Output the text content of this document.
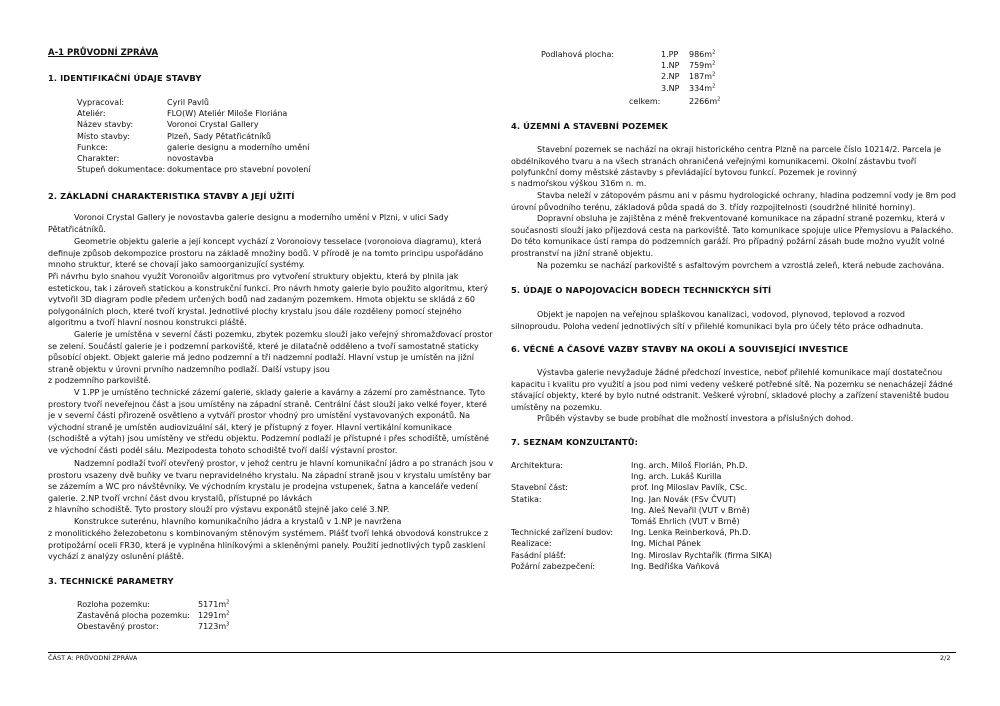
A-1 PRŮVODNÍ ZPRÁVA
1. IDENTIFIKAČNÍ ÚDAJE STAVBY
Vypracoval:	Cyril Pavlů
Ateliér:	FLO(W) Ateliér Miloše Floriána
Název stavby:	Voronoi Crystal Gallery
Místo stavby:	Plzeň, Sady Pětatřicátníků
Funkce:	galerie designu a moderního umění
Charakter:	novostavba
Stupeň dokumentace:	dokumentace pro stavební povolení
2. ZÁKLADNÍ CHARAKTERISTIKA STAVBY A JEJÍ UŽITÍ

Voronoi Crystal Gallery je novostavba galerie designu a moderního umění v Plzni, v ulici Sady Pětatřicátníků.

Geometrie objektu galerie a její koncept vychází z Voronoiovy tesselace (voronoiova diagramu), která definuje způsob dekompozice prostoru na základě množiny bodů. V přírodě je na tomto principu uspořádáno mnoho struktur, které se chovají jako samoorganizující systémy.

Při návrhu bylo snahou využít Voronoiův algoritmus pro vytvoření struktury objektu, která by plnila jak estetickou, tak i zároveň statickou a konstrukční funkci. Pro návrh hmoty galerie bylo použito algoritmu, který vytvořil 3D diagram podle předem určených bodů nad zadaným pozemkem. Hmota objektu se skládá z 60 polygonálních ploch, které tvoří krystal. Jednotlivé plochy krystalu jsou dále rozděleny pomocí stejného algoritmu a tvoří hlavní nosnou konstrukci pláště.

Galerie je umístěna v severní části pozemku, zbytek pozemku slouží jako veřejný shromažďovací prostor se zelení. Součástí galerie je i podzemní parkoviště, které je dilatačně odděleno a tvoří samostatně staticky působící objekt. Objekt galerie má jedno podzemní a tři nadzemní podlaží. Hlavní vstup je umístěn na jižní straně objektu v úrovni prvního nadzemního podlaží. Další vstupy jsou

z podzemního parkoviště.

V 1.PP je umístěno technické zázemí galerie, sklady galerie a kavárny a zázemí pro zaměstnance. Tyto prostory tvoří neveřejnou část a jsou umístěny na západní straně. Centrální část slouží jako velké foyer, které je v severní části přirozeně osvětleno a vytváří prostor vhodný pro umístění vystavovaných exponátů. Na východní straně je umístěn audiovizuální sál, který je přístupný z foyer. Hlavní vertikální komunikace (schodiště a výtah) jsou umístěny ve středu objektu. Podzemní podlaží je přístupné i přes schodiště, umístěné ve východní části podél sálu. Mezipodesta tohoto schodiště tvoří další výstavní prostor.

Nadzemní podlaží tvoří otevřený prostor, v jehož centru je hlavní komunikační jádro a po stranách jsou v prostoru vsazeny dvě buňky ve tvaru nepravidelného krystalu. Na západní straně jsou v krystalu umístěny bar se zázemím a WC pro návštěvníky. Ve východním krystalu je prodejna vstupenek, šatna a kanceláře vedení galerie. 2.NP tvoří vrchní část dvou krystalů, přístupné po lávkách

z hlavního schodiště. Tyto prostory slouží pro výstavu exponátů stejně jako celé 3.NP.

Konstrukce suterénu, hlavního komunikačního jádra a krystalů v 1.NP je navržena

z monolitického železobetonu s kombinovaným stěnovým systémem. Plášť tvoří lehká obvodová konstrukce z protipožární oceli FR30, která je vyplněna hliníkovými a skleněnými panely. Použití jednotlivých typů zasklení vychází z analýzy oslunění pláště.

3. TECHNICKÉ PARAMETRY
Rozloha pozemku:	$5171m^2$
Zastavěná plocha pozemku:	$1291m^2$
Obestavěný prostor:	$7123m^3$
Podlahová plocha:	1.PP	$986m^2$
1.NP	$759m^2$
2.NP	$187m^2$
3.NP	$334m^2$
celkem:	$2266m^2$
4. ÚZEMNÍ A STAVEBNÍ POZEMEK

Stavební pozemek se nachází na okraji historického centra Plzně na parcele číslo 10214/2. Parcela je obdélníkového tvaru a na všech stranách ohraničená veřejnými komunikacemi. Okolní zástavbu tvoří polyfunkční domy městské zástavby s převládající bytovou funkcí. Pozemek je rovinný

s nadmořskou výškou 316m n. m.

Stavba neleží v zátopovém pásmu ani v pásmu hydrologické ochrany, hladina podzemní vody je 8m pod úrovní původního terénu, základová půda spadá do 3. třídy rozpojitelnosti (soudržné hlinité horniny).

Dopravní obsluha je zajištěna z méně frekventované komunikace na západní straně pozemku, která v současnosti slouží jako příjezdová cesta na parkoviště. Tato komunikace spojuje ulice Přemyslovu a Palackého. Do této komunikace ústí rampa do podzemních garáží. Pro případný požární zásah bude možno využít volné prostranství na jižní straně objektu.

Na pozemku se nachází parkoviště s asfaltovým povrchem a vzrostlá zeleň, která nebude zachována.

5. ÚDAJE O NAPOJOVACÍCH BODECH TECHNICKÝCH SÍTÍ

Objekt je napojen na veřejnou splaškovou kanalizaci, vodovod, plynovod, teplovod a rozvod silnoproudu. Poloha vedení jednotlivých sítí v přilehlé komunikaci byla pro účely této práce odhadnuta.

6. VĚCNÉ A ČASOVÉ VAZBY STAVBY NA OKOLÍ A SOUVISEJÍCÍ INVESTICE

Výstavba galerie nevyžaduje žádné předchozí investice, neboť přilehlé komunikace mají dostatečnou kapacitu i kvalitu pro využití a jsou pod nimi vedeny veškeré potřebné sítě. Na pozemku se nenacházejí žádné stávající objekty, které by bylo nutné odstranit. Veškeré výrobní, skladové plochy a zařízení staveniště budou umístěny na pozemku.

Průběh výstavby se bude probíhat dle možností investora a příslušných dohod.

7. SEZNAM KONZULTANTŮ:
Architektura:	Ing. arch. Miloš Florián, Ph.D.
	Ing. arch. Lukáš Kurilla
Stavební část:	prof. Ing Miloslav Pavlík, CSc.
Statika:	Ing. Jan Novák (FSv ČVUT)
	Ing. Aleš Nevařil (VUT v Brně)
	Tomáš Ehrlich (VUT v Brně)
Technické zařízení budov:	Ing. Lenka Reinberková, Ph.D.
Realizace:	Ing. Michal Pánek
Fasádní plášť:	Ing. Miroslav Rychtařík (firma SIKA)
Požární zabezpečení:	Ing. Bedřiška Vaňková
ČÁST A: PRŮVODNÍ ZPRÁVA	2/2
